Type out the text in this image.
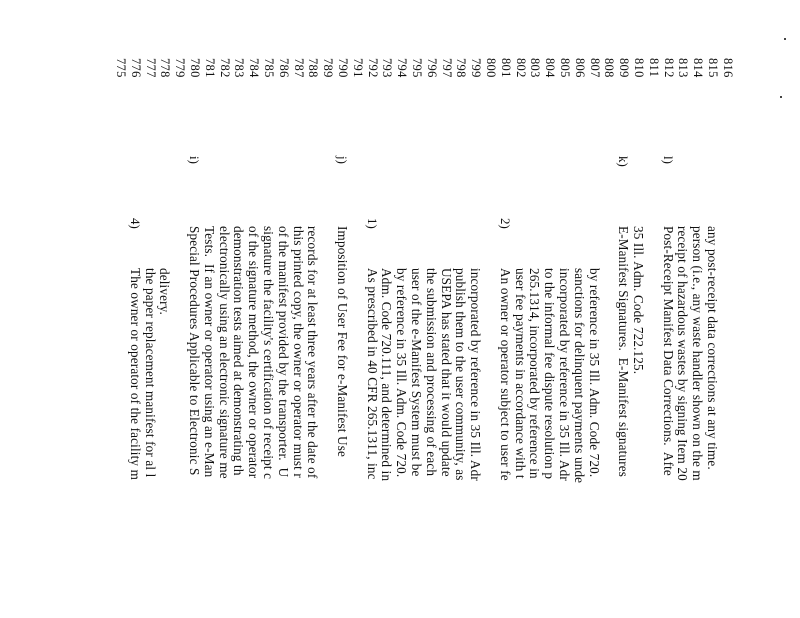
775 776
4)
The owner or operator of the facility m
777
the paper replacement manifest for al l
778
delivery.
779 780
i)
Special Procedures Applicable to Electronic S
781
Tests.  If an owner or operator using an e-Man
782
electronically using an electronic signature me
783
demonstration tests aimed at demonstrating th
784
of the signature method, the owner or operator
785
signature the facility's certification of receipt c
786
of the manifest provided by the transporter.  U
787
this printed copy, the owner or operator must r
788
records for at least three years after the date of
789 790
j)
Imposition of User Fee for e-Manifest Use
791 792
1)
As prescribed in 40 CFR 265.1311, inc
793
Adm. Code 720.111, and determined in
794
by reference in 35 Ill. Adm. Code 720.
795
user of the e-Manifest System must be
796
the submission and processing of each
797
USEPA has stated that it would update
798
publish them to the user community, as
799
incorporated by reference in 35 Ill. Adr
800 801
2)
An owner or operator subject to user fe
802
user fee payments in accordance with t
803
265.1314, incorporated by reference in
804
to the informal fee dispute resolution p
805
incorporated by reference in 35 Ill. Adr
806
sanctions for delinquent payments unde
807
by reference in 35 Ill. Adm. Code 720.
808 809
k)
E-Manifest Signatures.  E-Manifest signatures
810
35 Ill. Adm. Code 722.125.
811 812
l)
Post-Receipt Manifest Data Corrections.  Afte
813
receipt of hazardous wastes by signing Item 20
814
person (i.e., any waste handler shown on the m
815
any post-receipt data corrections at any time.
816
